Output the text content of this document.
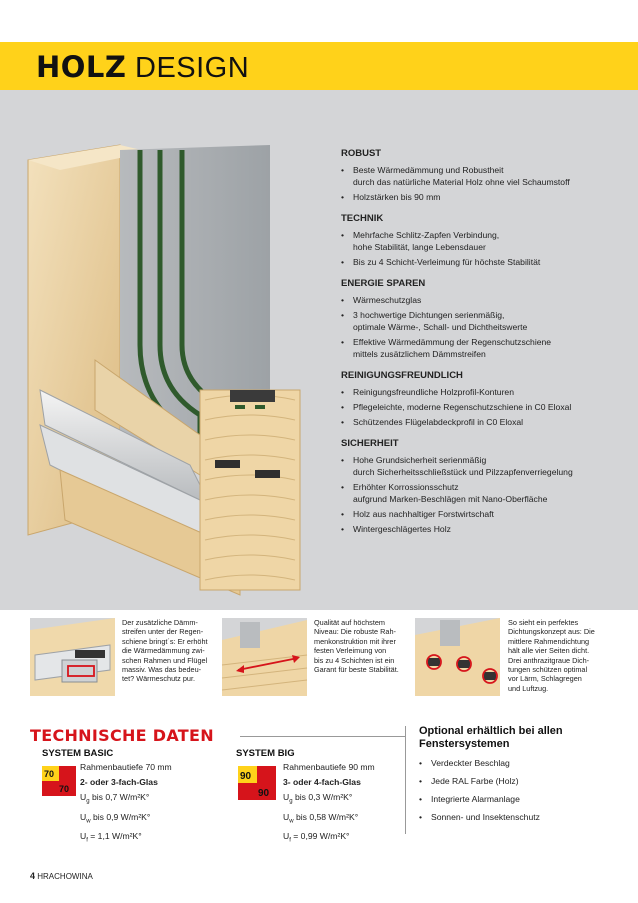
HOLZ DESIGN
ROBUST
• Beste Wärmedämmung und Robustheit
durch das natürliche Material Holz ohne viel Schaumstoff
• Holzstärken bis 90 mm
TECHNIK
• Mehrfache Schlitz-Zapfen Verbindung,
hohe Stabilität, lange Lebensdauer
• Bis zu 4 Schicht-Verleimung für höchste Stabilität
ENERGIE SPAREN
• Wärmeschutzglas
• 3 hochwertige Dichtungen serienmäßig,
optimale Wärme-, Schall- und Dichtheitswerte
• Effektive Wärmedämmung der Regenschutzschiene
mittels zusätzlichem Dämmstreifen
REINIGUNGSFREUNDLICH
• Reinigungsfreundliche Holzprofil-Konturen
• Pflegeleichte, moderne Regenschutzschiene in C0 Eloxal
• Schützendes Flügelabdeckprofil in C0 Eloxal
SICHERHEIT
• Hohe Grundsicherheit serienmäßig
durch Sicherheitsschließstück und Pilzzapfenverriegelung
• Erhöhter Korrossionsschutz
aufgrund Marken-Beschlägen mit Nano-Oberfläche
• Holz aus nachhaltiger Forstwirtschaft
• Wintergeschlägertes Holz
Der zusätzliche Dämm-
streifen unter der Regen-
schiene bringt´s: Er erhöht
die Wärmedämmung zwi-
schen Rahmen und Flügel
massiv. Was das bedeu-
tet? Wärmeschutz pur.
Qualität auf höchstem
Niveau: Die robuste Rah-
menkonstruktion mit ihrer
festen Verleimung von
bis zu 4 Schichten ist ein
Garant für beste Stabilität.
So sieht ein perfektes
Dichtungskonzept aus: Die
mittlere Rahmendichtung
hält alle vier Seiten dicht.
Drei anthrazitgraue Dich-
tungen schützen optimal
vor Lärm, Schlagregen
und Luftzug.
TECHNISCHE DATEN
SYSTEM BASIC
70
70
Rahmenbautiefe 70 mm
2- oder 3-fach-Glas
$U_g$ bis 0,7 W/m²K°
$U_w$ bis 0,9 W/m²K°
$U_f = 1,1$ W/m²K°
SYSTEM BIG
90
90
Rahmenbautiefe 90 mm
3- oder 4-fach-Glas
$U_g$ bis 0,3 W/m²K°
$U_w$ bis 0,58 W/m²K°
$U_f = 0,99$ W/m²K°
Optional erhältlich bei allen
Fenstersystemen
• Verdeckter Beschlag
• Jede RAL Farbe (Holz)
• Integrierte Alarmanlage
• Sonnen- und Insektenschutz
4 HRACHOWINA
